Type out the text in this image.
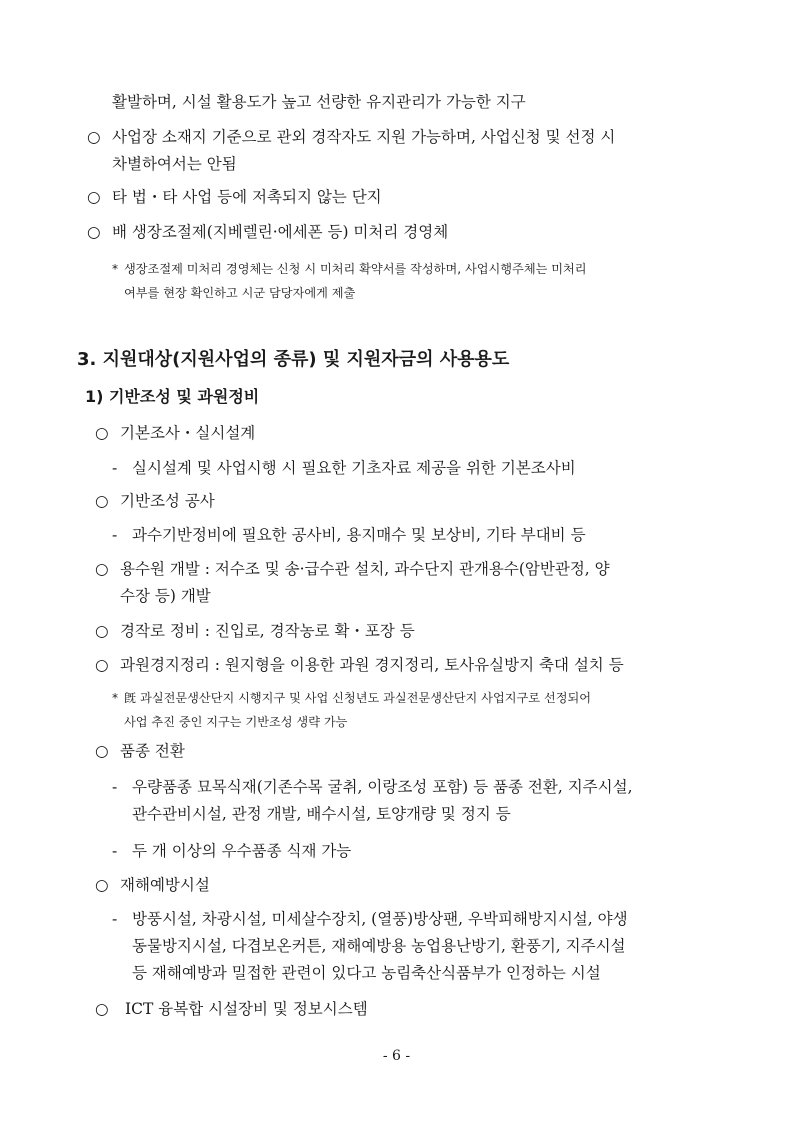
활발하며, 시설 활용도가 높고 선량한 유지관리가 가능한 지구
○ 사업장 소재지 기준으로 관외 경작자도 지원 가능하며, 사업신청 및 선정 시
차별하여서는 안됨
○ 타 법・타 사업 등에 저촉되지 않는 단지
○ 배 생장조절제(지베렐린·에세폰 등) 미처리 경영체
* 생장조절제 미처리 경영체는 신청 시 미처리 확약서를 작성하며, 사업시행주체는 미처리
여부를 현장 확인하고 시군 담당자에게 제출
3. 지원대상(지원사업의 종류) 및 지원자금의 사용용도
1) 기반조성 및 과원정비
○ 기본조사・실시설계
- 실시설계 및 사업시행 시 필요한 기초자료 제공을 위한 기본조사비
○ 기반조성 공사
- 과수기반정비에 필요한 공사비, 용지매수 및 보상비, 기타 부대비 등
○ 용수원 개발 : 저수조 및 송·급수관 설치, 과수단지 관개용수(암반관정, 양
수장 등) 개발
○ 경작로 정비 : 진입로, 경작농로 확・포장 등
○ 과원경지정리 : 원지형을 이용한 과원 경지정리, 토사유실방지 축대 설치 등
* 旣 과실전문생산단지 시행지구 및 사업 신청년도 과실전문생산단지 사업지구로 선정되어
사업 추진 중인 지구는 기반조성 생략 가능
○ 품종 전환
- 우량품종 묘목식재(기존수목 굴취, 이랑조성 포함) 등 품종 전환, 지주시설,
관수관비시설, 관정 개발, 배수시설, 토양개량 및 정지 등
- 두 개 이상의 우수품종 식재 가능
○ 재해예방시설
- 방풍시설, 차광시설, 미세살수장치, (열풍)방상팬, 우박피해방지시설, 야생
동물방지시설, 다겹보온커튼, 재해예방용 농업용난방기, 환풍기, 지주시설
등 재해예방과 밀접한 관련이 있다고 농림축산식품부가 인정하는 시설
○ ICT 융복합 시설장비 및 정보시스템
- 6 -
